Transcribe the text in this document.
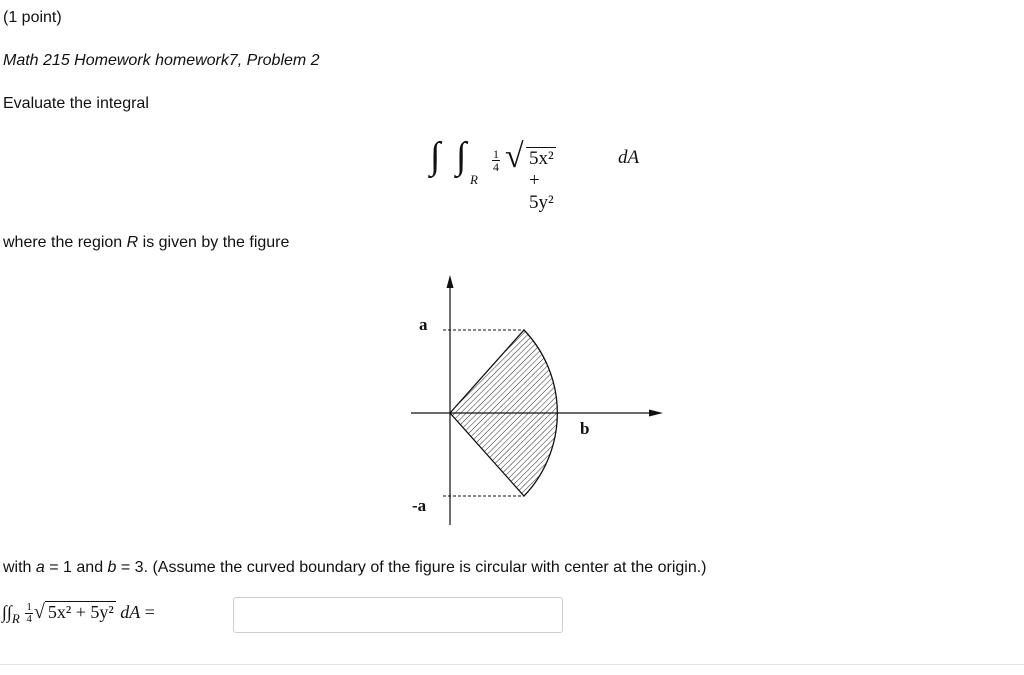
(1 point)
Math 215 Homework homework7, Problem 2
Evaluate the integral
∫ ∫
R
$\frac{1}{4}$ √ 5x² + 5y²
dA
where the region R is given by the figure
a
-a
b
with a = 1 and b = 3. (Assume the curved boundary of the figure is circular with center at the origin.)
$\int\int_R \frac{1}{4}$ √ 5x² + 5y² dA =
